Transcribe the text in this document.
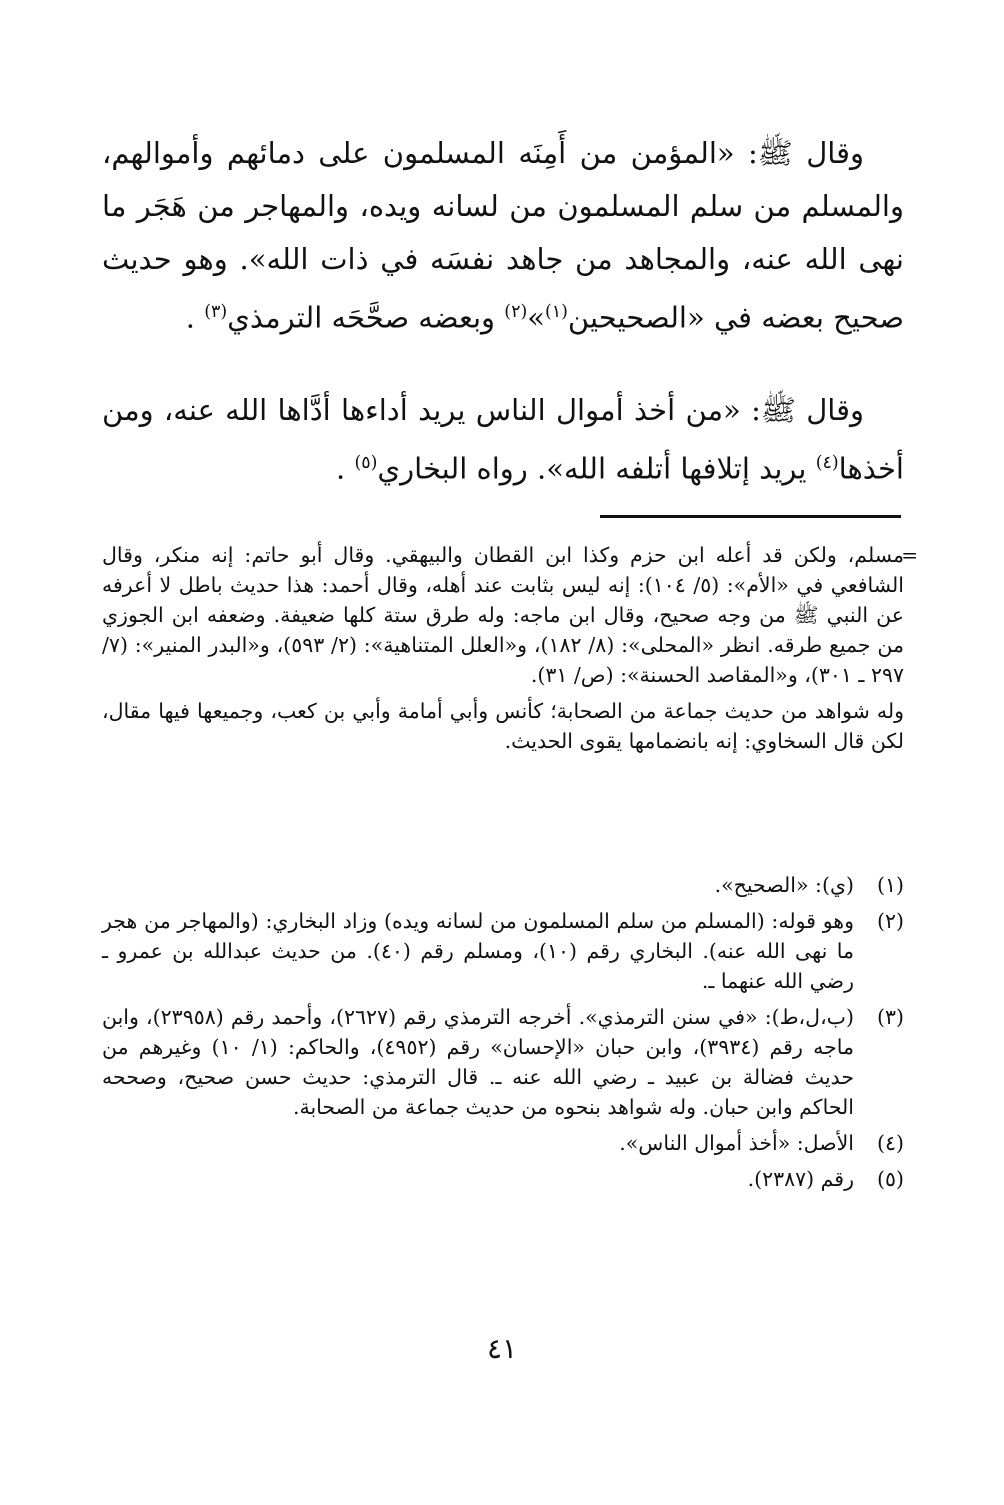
وقال ﷺ: «المؤمن من أَمِنَه المسلمون على دمائهم وأموالهم، والمسلم من سلم المسلمون من لسانه ويده، والمهاجر من هَجَر ما نهى الله عنه، والمجاهد من جاهد نفسَه في ذات الله». وهو حديث صحيح بعضه في «الصحيحين$^{(١)}$»$^{(٢)}$ وبعضه صحَّحَه الترمذي$^{(٣)}$ .
وقال ﷺ: «من أخذ أموال الناس يريد أداءها أدَّاها الله عنه، ومن أخذها$^{(٤)}$ يريد إتلافها أتلفه الله». رواه البخاري$^{(٥)}$ .
=

مسلم، ولكن قد أعله ابن حزم وكذا ابن القطان والبيهقي. وقال أبو حاتم: إنه منكر، وقال الشافعي في «الأم»: (٥/ ١٠٤): إنه ليس بثابت عند أهله، وقال أحمد: هذا حديث باطل لا أعرفه عن النبي ﷺ من وجه صحيح، وقال ابن ماجه: وله طرق ستة كلها ضعيفة. وضعفه ابن الجوزي من جميع طرقه. انظر «المحلى»: (٨/ ١٨٢)، و«العلل المتناهية»: (٢/ ٥٩٣)، و«البدر المنير»: (٧/ ٢٩٧ ـ ٣٠١)، و«المقاصد الحسنة»: (ص/ ٣١).

وله شواهد من حديث جماعة من الصحابة؛ كأنس وأبي أمامة وأبي بن كعب، وجميعها فيها مقال، لكن قال السخاوي: إنه بانضمامها يقوى الحديث.

(١)
(ي): «الصحيح».
(٢)
وهو قوله: (المسلم من سلم المسلمون من لسانه ويده) وزاد البخاري: (والمهاجر من هجر ما نهى الله عنه). البخاري رقم (١٠)، ومسلم رقم (٤٠). من حديث عبدالله بن عمرو ـ رضي الله عنهما ـ.
(٣)
(ب،ل،ط): «في سنن الترمذي». أخرجه الترمذي رقم (٢٦٢٧)، وأحمد رقم (٢٣٩٥٨)، وابن ماجه رقم (٣٩٣٤)، وابن حبان «الإحسان» رقم (٤٩٥٢)، والحاكم: (١/ ١٠) وغيرهم من حديث فضالة بن عبيد ـ رضي الله عنه ـ. قال الترمذي: حديث حسن صحيح، وصححه الحاكم وابن حبان. وله شواهد بنحوه من حديث جماعة من الصحابة.
(٤)
الأصل: «أخذ أموال الناس».
(٥)
رقم (٢٣٨٧).
٤١
